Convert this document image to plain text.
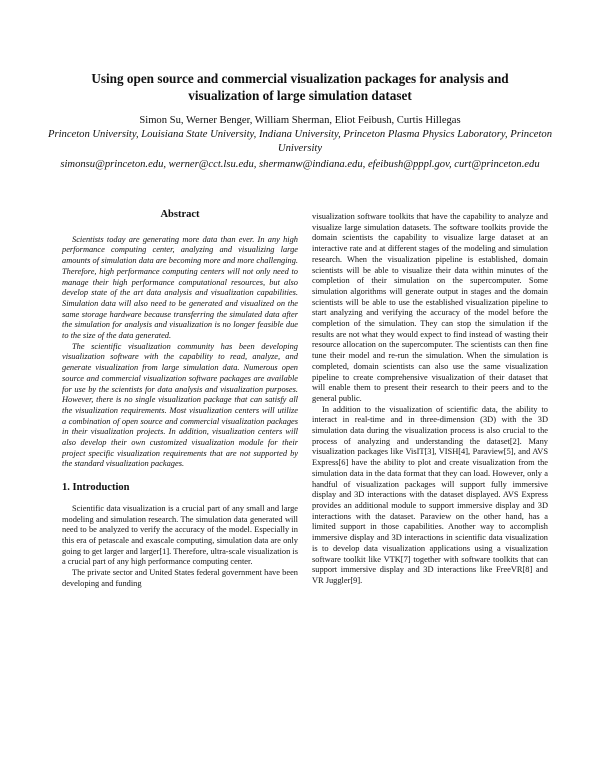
Using open source and commercial visualization packages for analysis and visualization of large simulation dataset
Simon Su, Werner Benger, William Sherman, Eliot Feibush, Curtis Hillegas
Princeton University, Louisiana State University, Indiana University, Princeton Plasma Physics Laboratory, Princeton University
simonsu@princeton.edu, werner@cct.lsu.edu, shermanw@indiana.edu, efeibush@pppl.gov, curt@princeton.edu
Abstract

Scientists today are generating more data than ever. In any high performance computing center, analyzing and visualizing large amounts of simulation data are becoming more and more challenging. Therefore, high performance computing centers will not only need to manage their high performance computational resources, but also develop state of the art data analysis and visualization capabilities. Simulation data will also need to be generated and visualized on the same storage hardware because transferring the simulated data after the simulation for analysis and visualization is no longer feasible due to the size of the data generated.

The scientific visualization community has been developing visualization software with the capability to read, analyze, and generate visualization from large simulation data. Numerous open source and commercial visualization software packages are available for use by the scientists for data analysis and visualization purposes. However, there is no single visualization package that can satisfy all the visualization requirements. Most visualization centers will utilize a combination of open source and commercial visualization packages in their visualization projects. In addition, visualization centers will also develop their own customized visualization module for their project specific visualization requirements that are not supported by the standard visualization packages.

1. Introduction

Scientific data visualization is a crucial part of any small and large modeling and simulation research. The simulation data generated will need to be analyzed to verify the accuracy of the model. Especially in this era of petascale and exascale computing, simulation data are only going to get larger and larger[1]. Therefore, ultra-scale visualization is a crucial part of any high performance computing center.

The private sector and United States federal government have been developing and funding

visualization software toolkits that have the capability to analyze and visualize large simulation datasets. The software toolkits provide the domain scientists the capability to visualize large dataset at an interactive rate and at different stages of the modeling and simulation research. When the visualization pipeline is established, domain scientists will be able to visualize their data within minutes of the completion of their simulation on the supercomputer. Some simulation algorithms will generate output in stages and the domain scientists will be able to use the established visualization pipeline to start analyzing and verifying the accuracy of the model before the completion of the simulation. They can stop the simulation if the results are not what they would expect to find instead of wasting their resource allocation on the supercomputer. The scientists can then fine tune their model and re-run the simulation. When the simulation is completed, domain scientists can also use the same visualization pipeline to create comprehensive visualization of their dataset that will enable them to present their research to their peers and to the general public.

In addition to the visualization of scientific data, the ability to interact in real-time and in three-dimension (3D) with the 3D simulation data during the visualization process is also crucial to the process of analyzing and understanding the dataset[2]. Many visualization packages like VisIT[3], VISH[4], Paraview[5], and AVS Express[6] have the ability to plot and create visualization from the simulation data in the data format that they can load. However, only a handful of visualization packages will support fully immersive display and 3D interactions with the dataset displayed. AVS Express provides an additional module to support immersive display and 3D interactions with the dataset. Paraview on the other hand, has a limited support in those capabilities. Another way to accomplish immersive display and 3D interactions in scientific data visualization is to develop data visualization applications using a visualization software toolkit like VTK[7] together with software toolkits that can support immersive display and 3D interactions like FreeVR[8] and VR Juggler[9].
